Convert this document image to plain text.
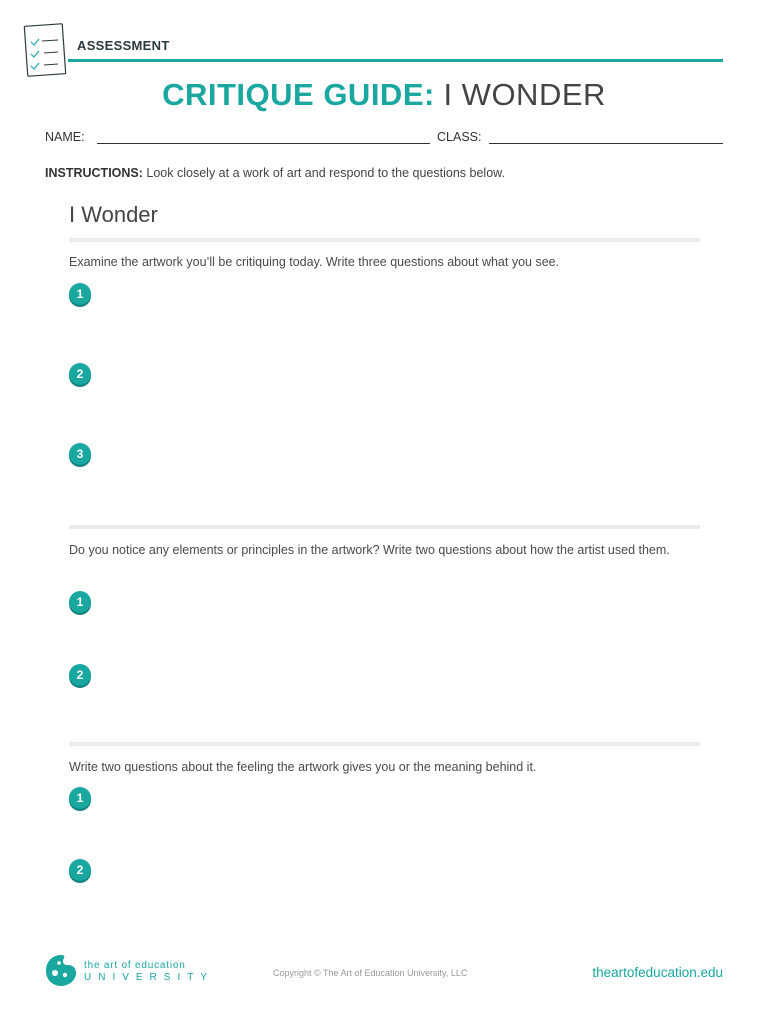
ASSESSMENT
CRITIQUE GUIDE: I WONDER
NAME:	CLASS:
INSTRUCTIONS: Look closely at a work of art and respond to the questions below.
I Wonder
Examine the artwork you’ll be critiquing today. Write three questions about what you see.
1
2
3
Do you notice any elements or principles in the artwork? Write two questions about how the artist used them.
1
2
Write two questions about the feeling the artwork gives you or the meaning behind it.
1
2
the art of education
UNIVERSITY	Copyright © The Art of Education University, LLC	theartofeducation.edu
